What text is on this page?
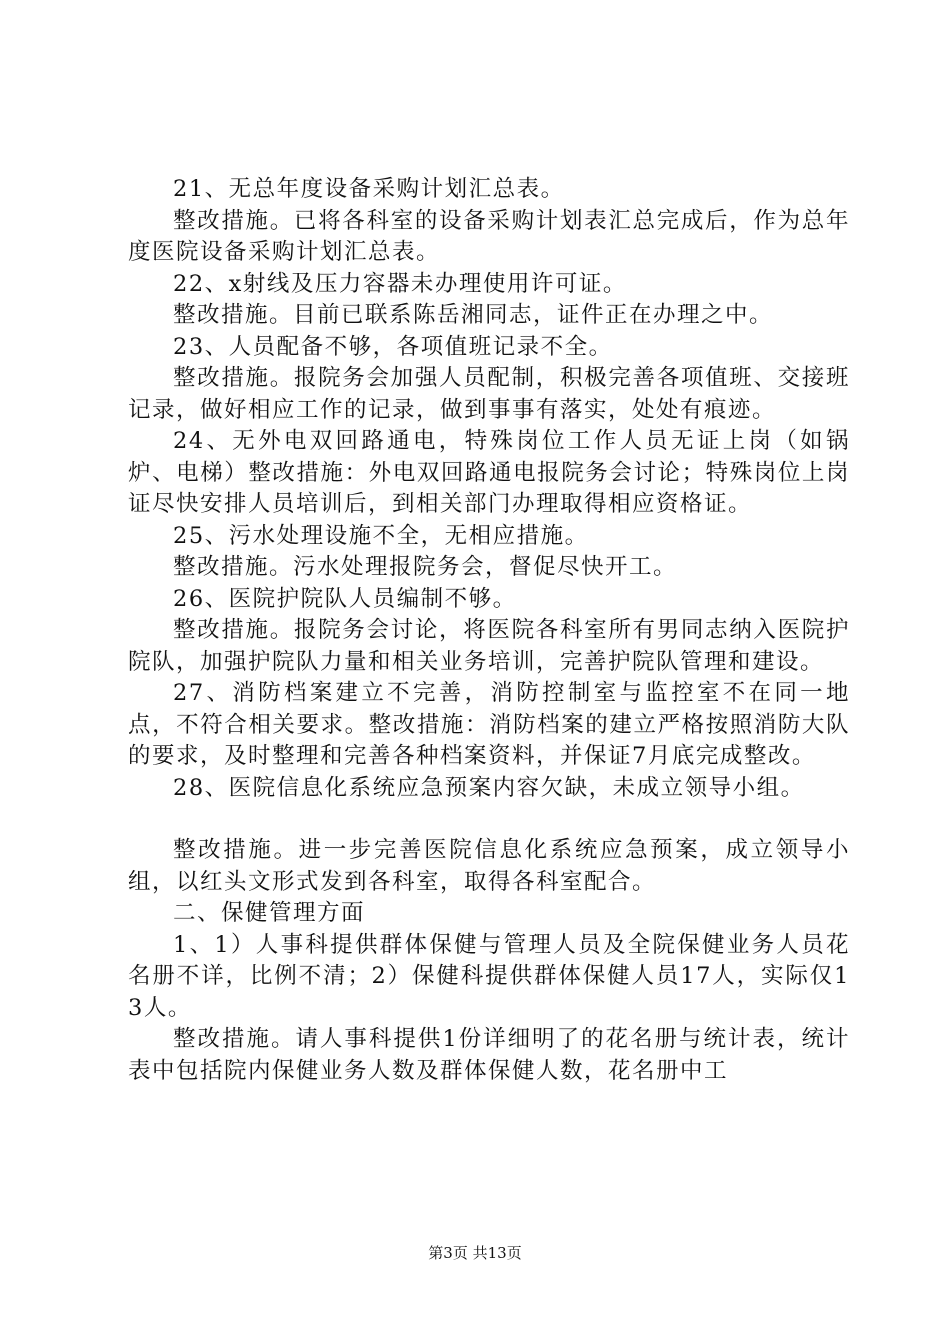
21、无总年度设备采购计划汇总表。

整改措施。已将各科室的设备采购计划表汇总完成后，作为总年度医院设备采购计划汇总表。

22、x射线及压力容器未办理使用许可证。

整改措施。目前已联系陈岳湘同志，证件正在办理之中。

23、人员配备不够，各项值班记录不全。

整改措施。报院务会加强人员配制，积极完善各项值班、交接班记录，做好相应工作的记录，做到事事有落实，处处有痕迹。

24、无外电双回路通电，特殊岗位工作人员无证上岗（如锅炉、电梯）整改措施：外电双回路通电报院务会讨论；特殊岗位上岗证尽快安排人员培训后，到相关部门办理取得相应资格证。

25、污水处理设施不全，无相应措施。

整改措施。污水处理报院务会，督促尽快开工。

26、医院护院队人员编制不够。

整改措施。报院务会讨论，将医院各科室所有男同志纳入医院护院队，加强护院队力量和相关业务培训，完善护院队管理和建设。

27、消防档案建立不完善，消防控制室与监控室不在同一地点，不符合相关要求。整改措施：消防档案的建立严格按照消防大队的要求，及时整理和完善各种档案资料，并保证7月底完成整改。

28、医院信息化系统应急预案内容欠缺，未成立领导小组。

整改措施。进一步完善医院信息化系统应急预案，成立领导小组，以红头文形式发到各科室，取得各科室配合。

二、保健管理方面

1、1）人事科提供群体保健与管理人员及全院保健业务人员花名册不详，比例不清；2）保健科提供群体保健人员17人，实际仅13人。

整改措施。请人事科提供1份详细明了的花名册与统计表，统计表中包括院内保健业务人数及群体保健人数，花名册中工

第3页 共13页
